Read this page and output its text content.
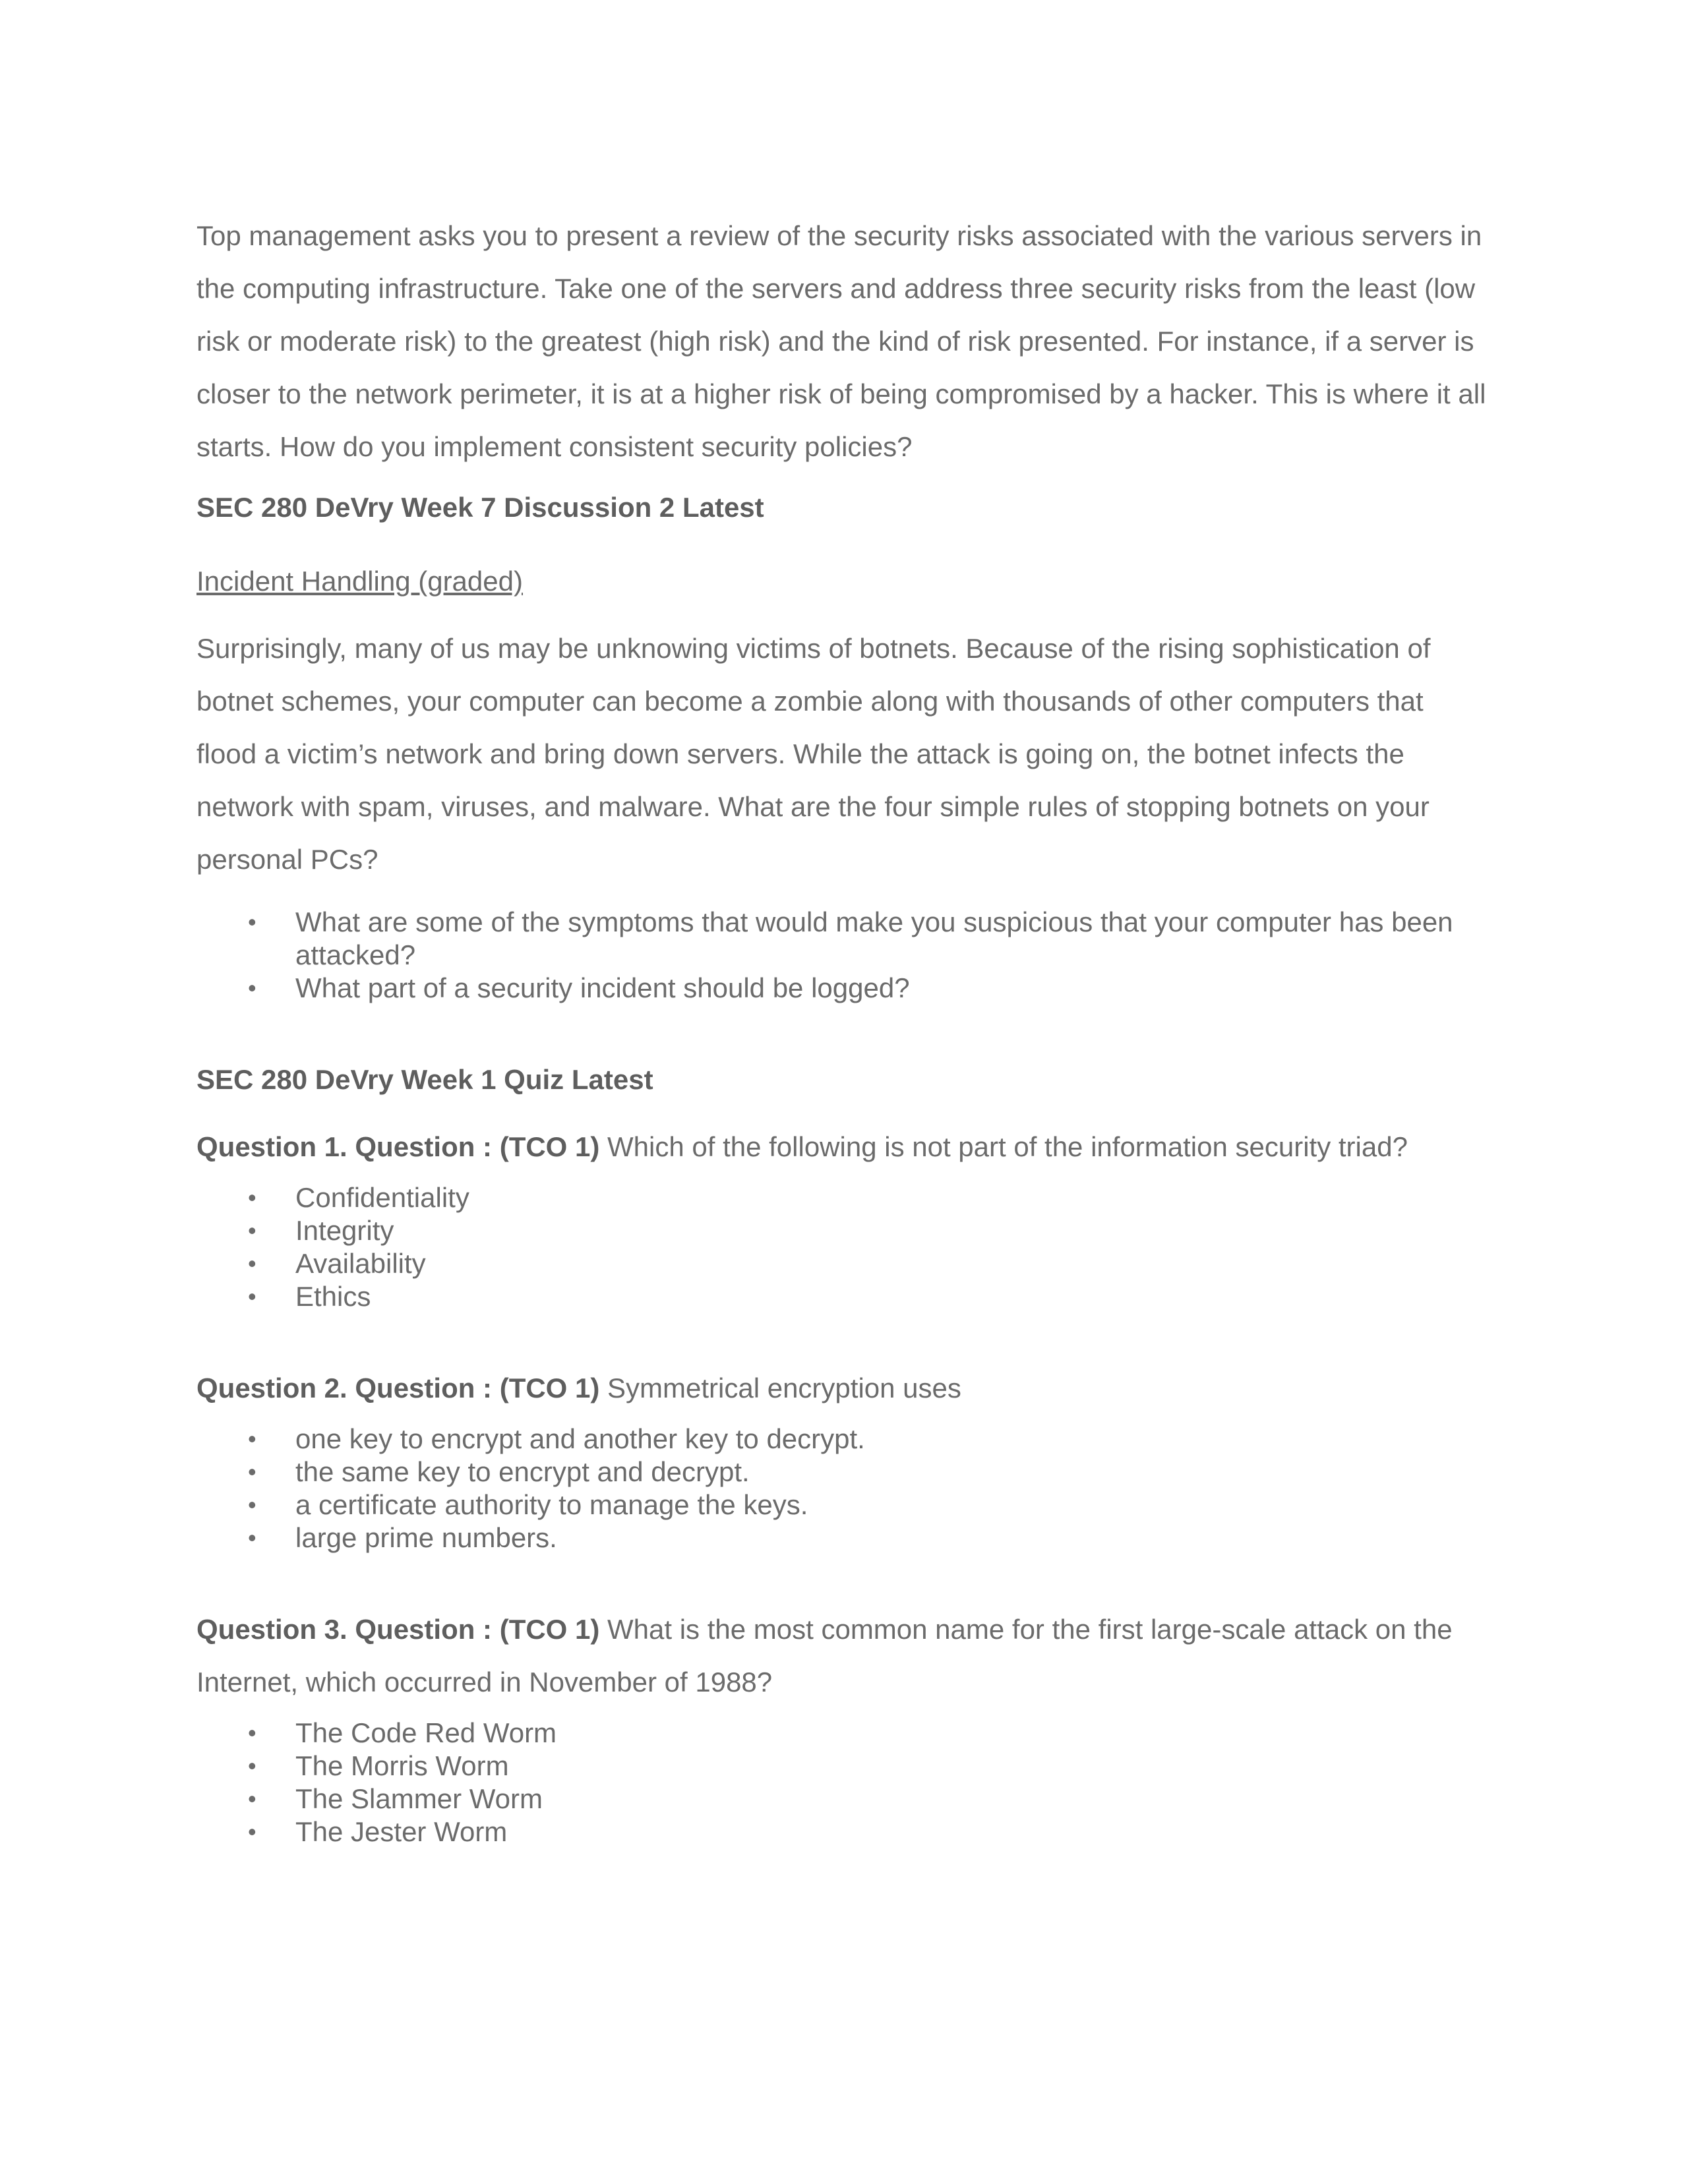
Top management asks you to present a review of the security risks associated with the various servers in the computing infrastructure. Take one of the servers and address three security risks from the least (low risk or moderate risk) to the greatest (high risk) and the kind of risk presented. For instance, if a server is closer to the network perimeter, it is at a higher risk of being compromised by a hacker. This is where it all starts. How do you implement consistent security policies?

SEC 280 DeVry Week 7 Discussion 2 Latest

Incident Handling (graded)

Surprisingly, many of us may be unknowing victims of botnets. Because of the rising sophistication of botnet schemes, your computer can become a zombie along with thousands of other computers that flood a victim’s network and bring down servers. While the attack is going on, the botnet infects the network with spam, viruses, and malware. What are the four simple rules of stopping botnets on your personal PCs?

• What are some of the symptoms that would make you suspicious that your computer has been attacked?
• What part of a security incident should be logged?

SEC 280 DeVry Week 1 Quiz Latest

Question 1. Question : (TCO 1) Which of the following is not part of the information security triad?

• Confidentiality
• Integrity
• Availability
• Ethics

Question 2. Question : (TCO 1) Symmetrical encryption uses

• one key to encrypt and another key to decrypt.
• the same key to encrypt and decrypt.
• a certificate authority to manage the keys.
• large prime numbers.

Question 3. Question : (TCO 1) What is the most common name for the first large-scale attack on the Internet, which occurred in November of 1988?

• The Code Red Worm
• The Morris Worm
• The Slammer Worm
• The Jester Worm
